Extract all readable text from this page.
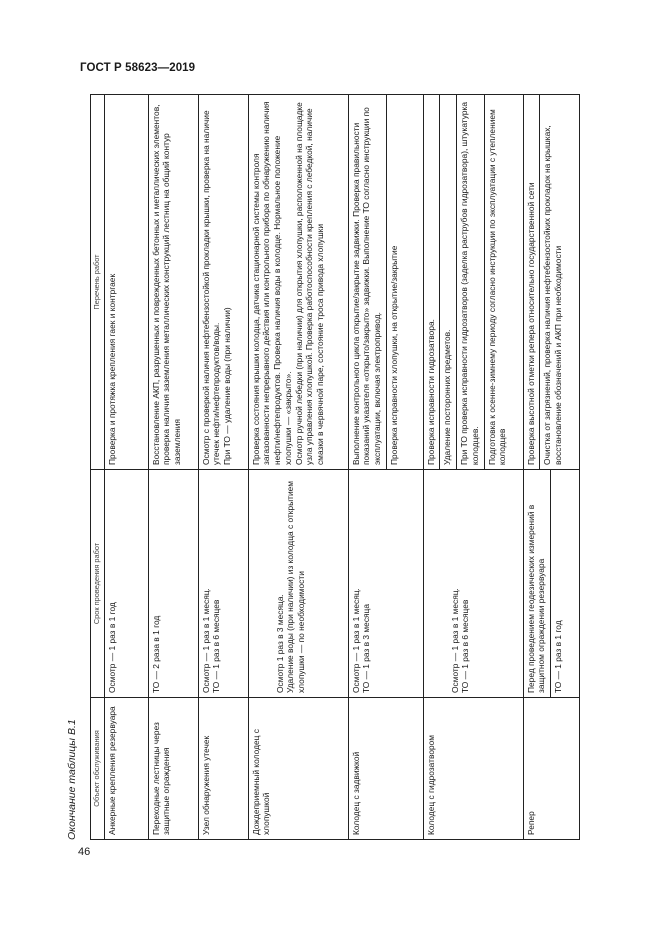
ГОСТ Р 58623—2019
Окончание таблицы В.1 Объект обслуживания	Срок проведения работ	Перечень работ
Анкерные крепления резервуара	Осмотр — 1 раз в 1 год	Проверка и протяжка крепления гаек и контргаек
Переходные лестницы через защитные ограждения	ТО — 2 раза в 1 год	Восстановление АКП, разрушенных и поврежденных бетонных и металлических элементов, проверка наличия заземления металлических конструкций лестниц на общий контур заземления
Узел обнаружения утечек	Осмотр — 1 раз в 1 месяц. ТО — 1 раз в 6 месяцев	Осмотр с проверкой наличия нефтебензостойкой прокладки крышки, проверка на наличие утечек нефти/нефтепродуктов/воды. При ТО — удаление воды (при наличии)

Дождеприемный колодец с хлопушкой	Осмотр 1 раз в 3 месяца. Удаление воды (при наличии) из колодца с открытием хлопушки — по необходимости	Проверка состояния крышки колодца, датчика стационарной системы контроля загазованности непрерывного действия или контрольного прибора по обнаружению наличия нефти/нефтепродуктов. Проверка наличия воды в колодце. Нормальное положение хлопушки — «закрыто». Осмотр ручной лебедки (при наличии) для открытия хлопушки, расположенной на площадке узла управления хлопушкой. Проверка работоспособности крепления с лебедкой, наличие смазки в червячной паре, состояние троса привода хлопушки

Колодец с задвижкой	Осмотр — 1 раз в 1 месяц. ТО — 1 раз в 3 месяца	Выполнение контрольного цикла открытие/закрытие задвижки. Проверка правильности показаний указателя «открыто/закрыто» задвижки. Выполнение ТО согласно инструкции по эксплуатации, включая электропривод. Проверка исправности хлопушки, на открытие/закрытие

Колодец с гидрозатвором	Осмотр — 1 раз в 1 месяц. ТО — 1 раз в 6 месяцев	Проверка исправности гидрозатвора. Удаление посторонних предметов. При ТО проверка исправности гидрозатворов (заделка раструбов гидрозатвора), штукатурка колодцев. Подготовка к осенне-зимнему периоду согласно инструкции по эксплуатации с утеплением колодцев

Репер	Перед проведением геодезических измерений в защитном ограждении резервуара ТО — 1 раз в 1 год	Проверка высотной отметки репера относительно государственной сети Очистка от загрязнений, проверка наличия нефтебензостойких прокладок на крышках, восстановление обозначений и АКП при необходимости
46
